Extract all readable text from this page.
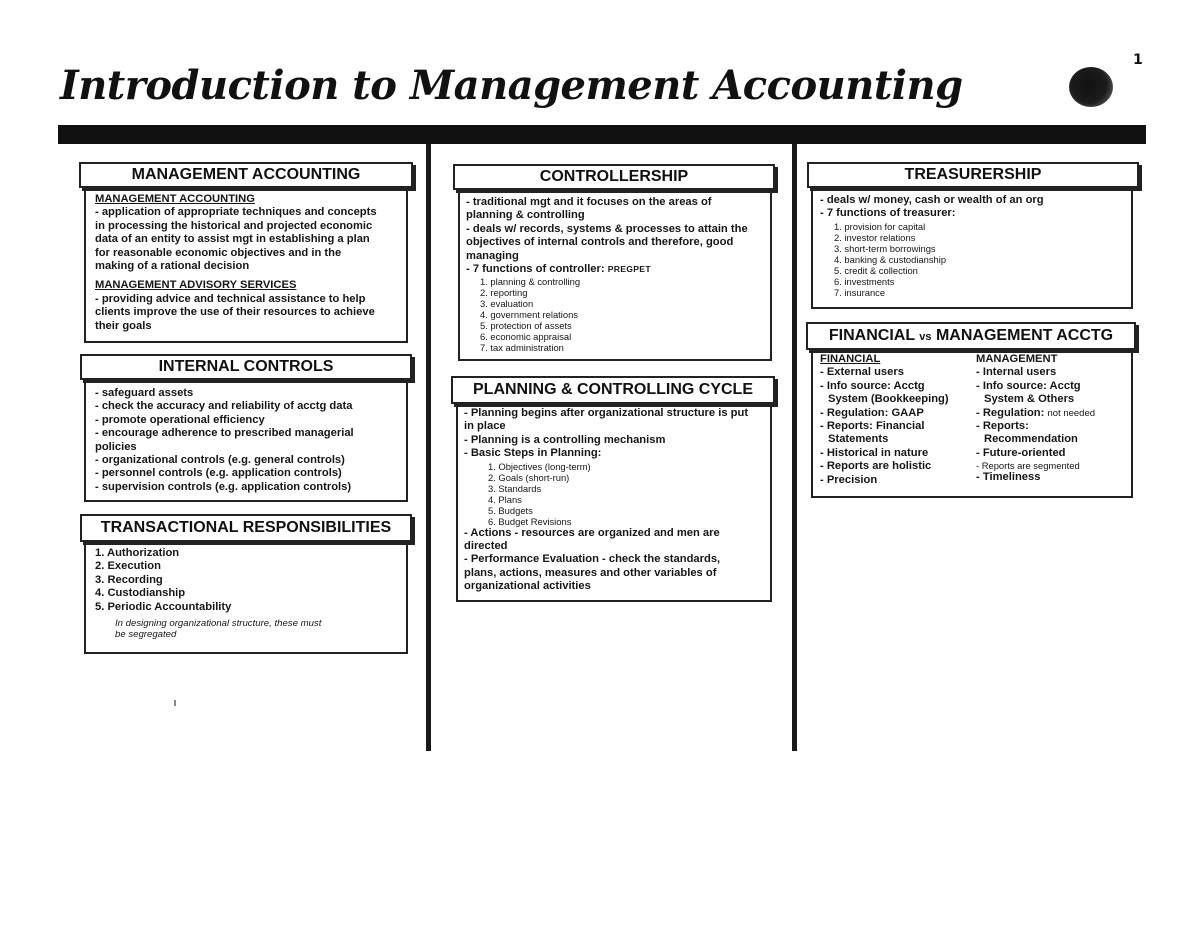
1
Introduction to Management Accounting
MANAGEMENT ACCOUNTING

MANAGEMENT ACCOUNTING

- application of appropriate techniques and concepts

in processing the historical and projected economic

data of an entity to assist mgt in establishing a plan

for reasonable economic objectives and in the

making of a rational decision

MANAGEMENT ADVISORY SERVICES

- providing advice and technical assistance to help

clients improve the use of their resources to achieve

their goals

INTERNAL CONTROLS

- safeguard assets

- check the accuracy and reliability of acctg data

- promote operational efficiency

- encourage adherence to prescribed managerial

policies

- organizational controls (e.g. general controls)

- personnel controls (e.g. application controls)

- supervision controls (e.g. application controls)

TRANSACTIONAL RESPONSIBILITIES

1. Authorization

2. Execution

3. Recording

4. Custodianship

5. Periodic Accountability

In designing organizational structure, these must

be segregated

CONTROLLERSHIP

- traditional mgt and it focuses on the areas of

planning & controlling

- deals w/ records, systems & processes to attain the

objectives of internal controls and therefore, good

managing

- 7 functions of controller: PREGPET

1. planning & controlling

2. reporting

3. evaluation

4. government relations

5. protection of assets

6. economic appraisal

7. tax administration

PLANNING & CONTROLLING CYCLE

- Planning begins after organizational structure is put

in place

- Planning is a controlling mechanism

- Basic Steps in Planning:

1. Objectives (long-term)

2. Goals (short-run)

3. Standards

4. Plans

5. Budgets

6. Budget Revisions

- Actions - resources are organized and men are

directed

- Performance Evaluation - check the standards,

plans, actions, measures and other variables of

organizational activities

TREASURERSHIP

- deals w/ money, cash or wealth of an org

- 7 functions of treasurer:

1. provision for capital

2. investor relations

3. short-term borrowings

4. banking & custodianship

5. credit & collection

6. investments

7. insurance

FINANCIAL vs MANAGEMENT ACCTG

FINANCIAL

- External users

- Info source: Acctg

System (Bookkeeping)

- Regulation: GAAP

- Reports: Financial

Statements

- Historical in nature

- Reports are holistic

- Precision

MANAGEMENT

- Internal users

- Info source: Acctg

System & Others

- Regulation: not needed

- Reports:

Recommendation

- Future-oriented

- Reports are segmented

- Timeliness
